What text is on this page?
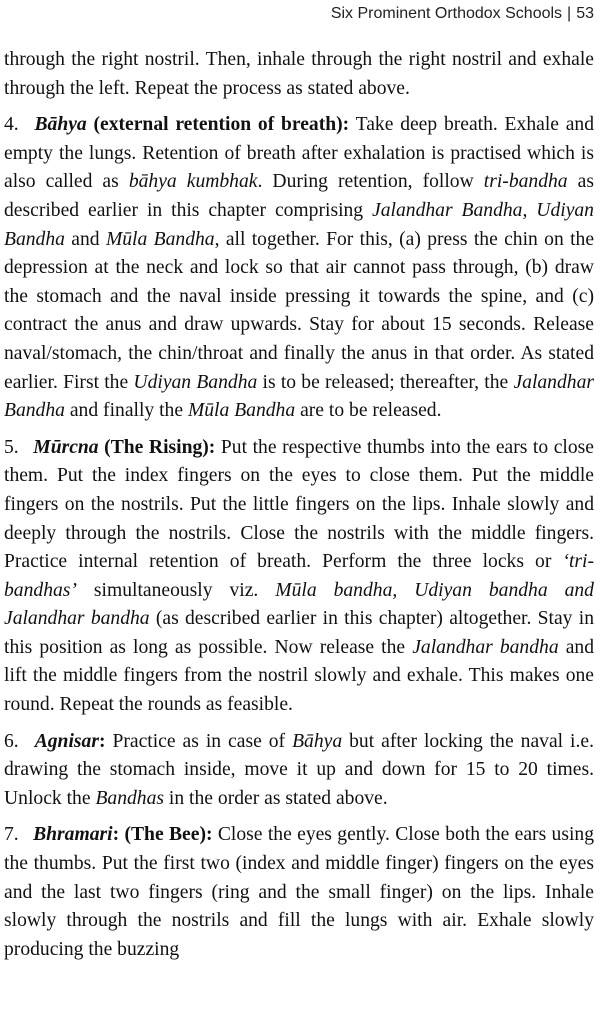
Six Prominent Orthodox Schools | 53

through the right nostril. Then, inhale through the right nostril and exhale through the left. Repeat the process as stated above.

4. Bāhya (external retention of breath): Take deep breath. Exhale and empty the lungs. Retention of breath after exhalation is practised which is also called as bāhya kumbhak. During retention, follow tri-bandha as described earlier in this chapter comprising Jalandhar Bandha, Udiyan Bandha and Mūla Bandha, all together. For this, (a) press the chin on the depression at the neck and lock so that air cannot pass through, (b) draw the stomach and the naval inside pressing it towards the spine, and (c) contract the anus and draw upwards. Stay for about 15 seconds. Release naval/stomach, the chin/throat and finally the anus in that order. As stated earlier. First the Udiyan Bandha is to be released; thereafter, the Jalandhar Bandha and finally the Mūla Bandha are to be released.

5. Mūrcna (The Rising): Put the respective thumbs into the ears to close them. Put the index fingers on the eyes to close them. Put the middle fingers on the nostrils. Put the little fingers on the lips. Inhale slowly and deeply through the nostrils. Close the nostrils with the middle fingers. Practice internal retention of breath. Perform the three locks or ‘tri-bandhas’ simultaneously viz. Mūla bandha, Udiyan bandha and Jalandhar bandha (as described earlier in this chapter) altogether. Stay in this position as long as possible. Now release the Jalandhar bandha and lift the middle fingers from the nostril slowly and exhale. This makes one round. Repeat the rounds as feasible.

6. Agnisar: Practice as in case of Bāhya but after locking the naval i.e. drawing the stomach inside, move it up and down for 15 to 20 times. Unlock the Bandhas in the order as stated above.

7. Bhramari: (The Bee): Close the eyes gently. Close both the ears using the thumbs. Put the first two (index and middle finger) fingers on the eyes and the last two fingers (ring and the small finger) on the lips. Inhale slowly through the nostrils and fill the lungs with air. Exhale slowly producing the buzzing
